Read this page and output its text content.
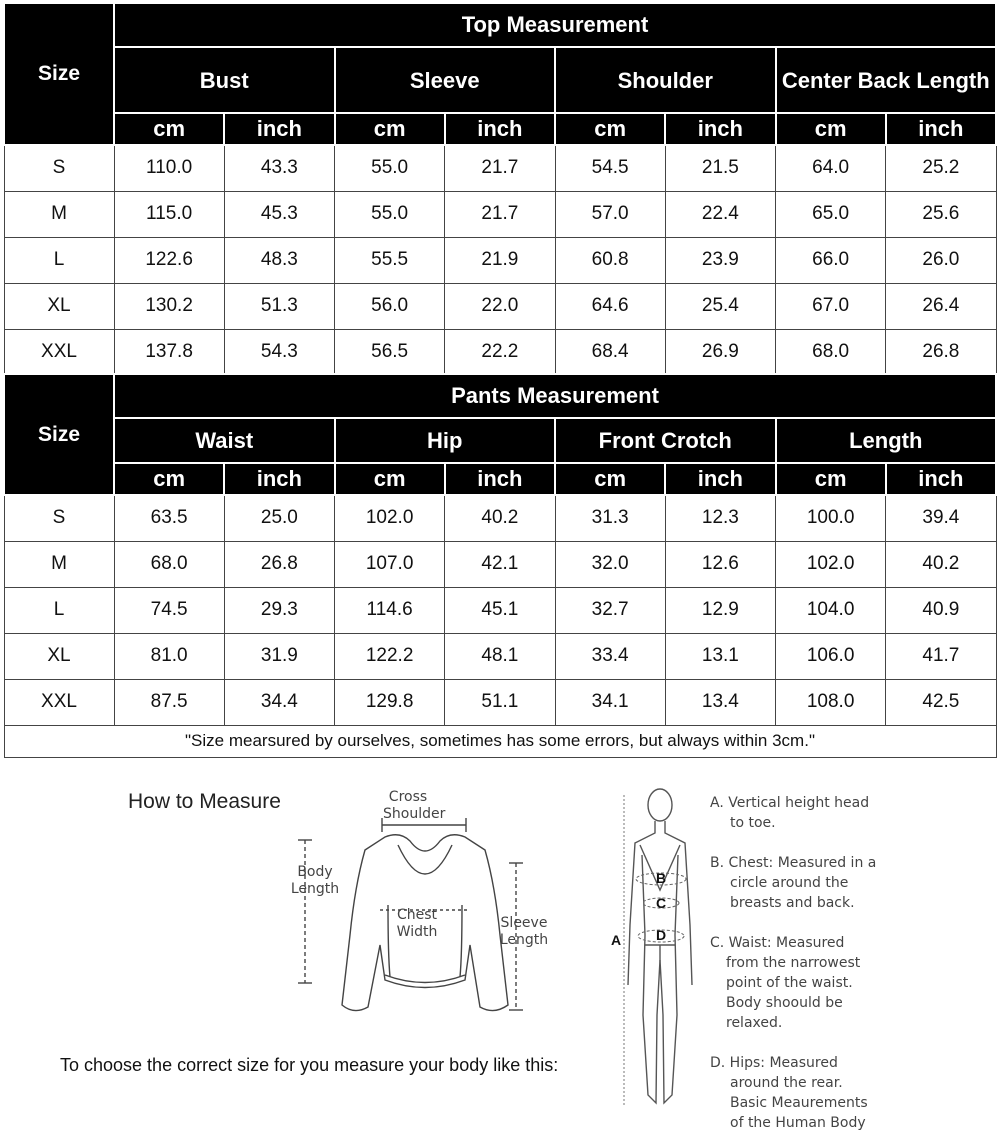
Size	Top Measurement							
	Bust		Sleeve		Shoulder		Center Back Length	
	cm	inch	cm	inch	cm	inch	cm	inch
S	110.0	43.3	55.0	21.7	54.5	21.5	64.0	25.2
M	115.0	45.3	55.0	21.7	57.0	22.4	65.0	25.6
L	122.6	48.3	55.5	21.9	60.8	23.9	66.0	26.0
XL	130.2	51.3	56.0	22.0	64.6	25.4	67.0	26.4
XXL	137.8	54.3	56.5	22.2	68.4	26.9	68.0	26.8
Size	Pants Measurement							
	Waist		Hip		Front Crotch		Length	
	cm	inch	cm	inch	cm	inch	cm	inch
S	63.5	25.0	102.0	40.2	31.3	12.3	100.0	39.4
M	68.0	26.8	107.0	42.1	32.0	12.6	102.0	40.2
L	74.5	29.3	114.6	45.1	32.7	12.9	104.0	40.9
XL	81.0	31.9	122.2	48.1	33.4	13.1	106.0	41.7
XXL	87.5	34.4	129.8	51.1	34.1	13.4	108.0	42.5
"Size mearsured by ourselves, sometimes has some errors, but always within 3cm."								
How to Measure	Cross
Shoulder
Body
Length
Chest
Width
Sleeve
Length	A
B
C
D
A. Vertical height head
to toe.
B. Chest: Measured in a
circle around the
breasts and back.
C. Waist: Measured
from the narrowest
point of the waist.
Body shoould be
relaxed.
D. Hips: Measured
around the rear.
Basic Meaurements
of the Human Body
To choose the correct size for you measure your body like this:
